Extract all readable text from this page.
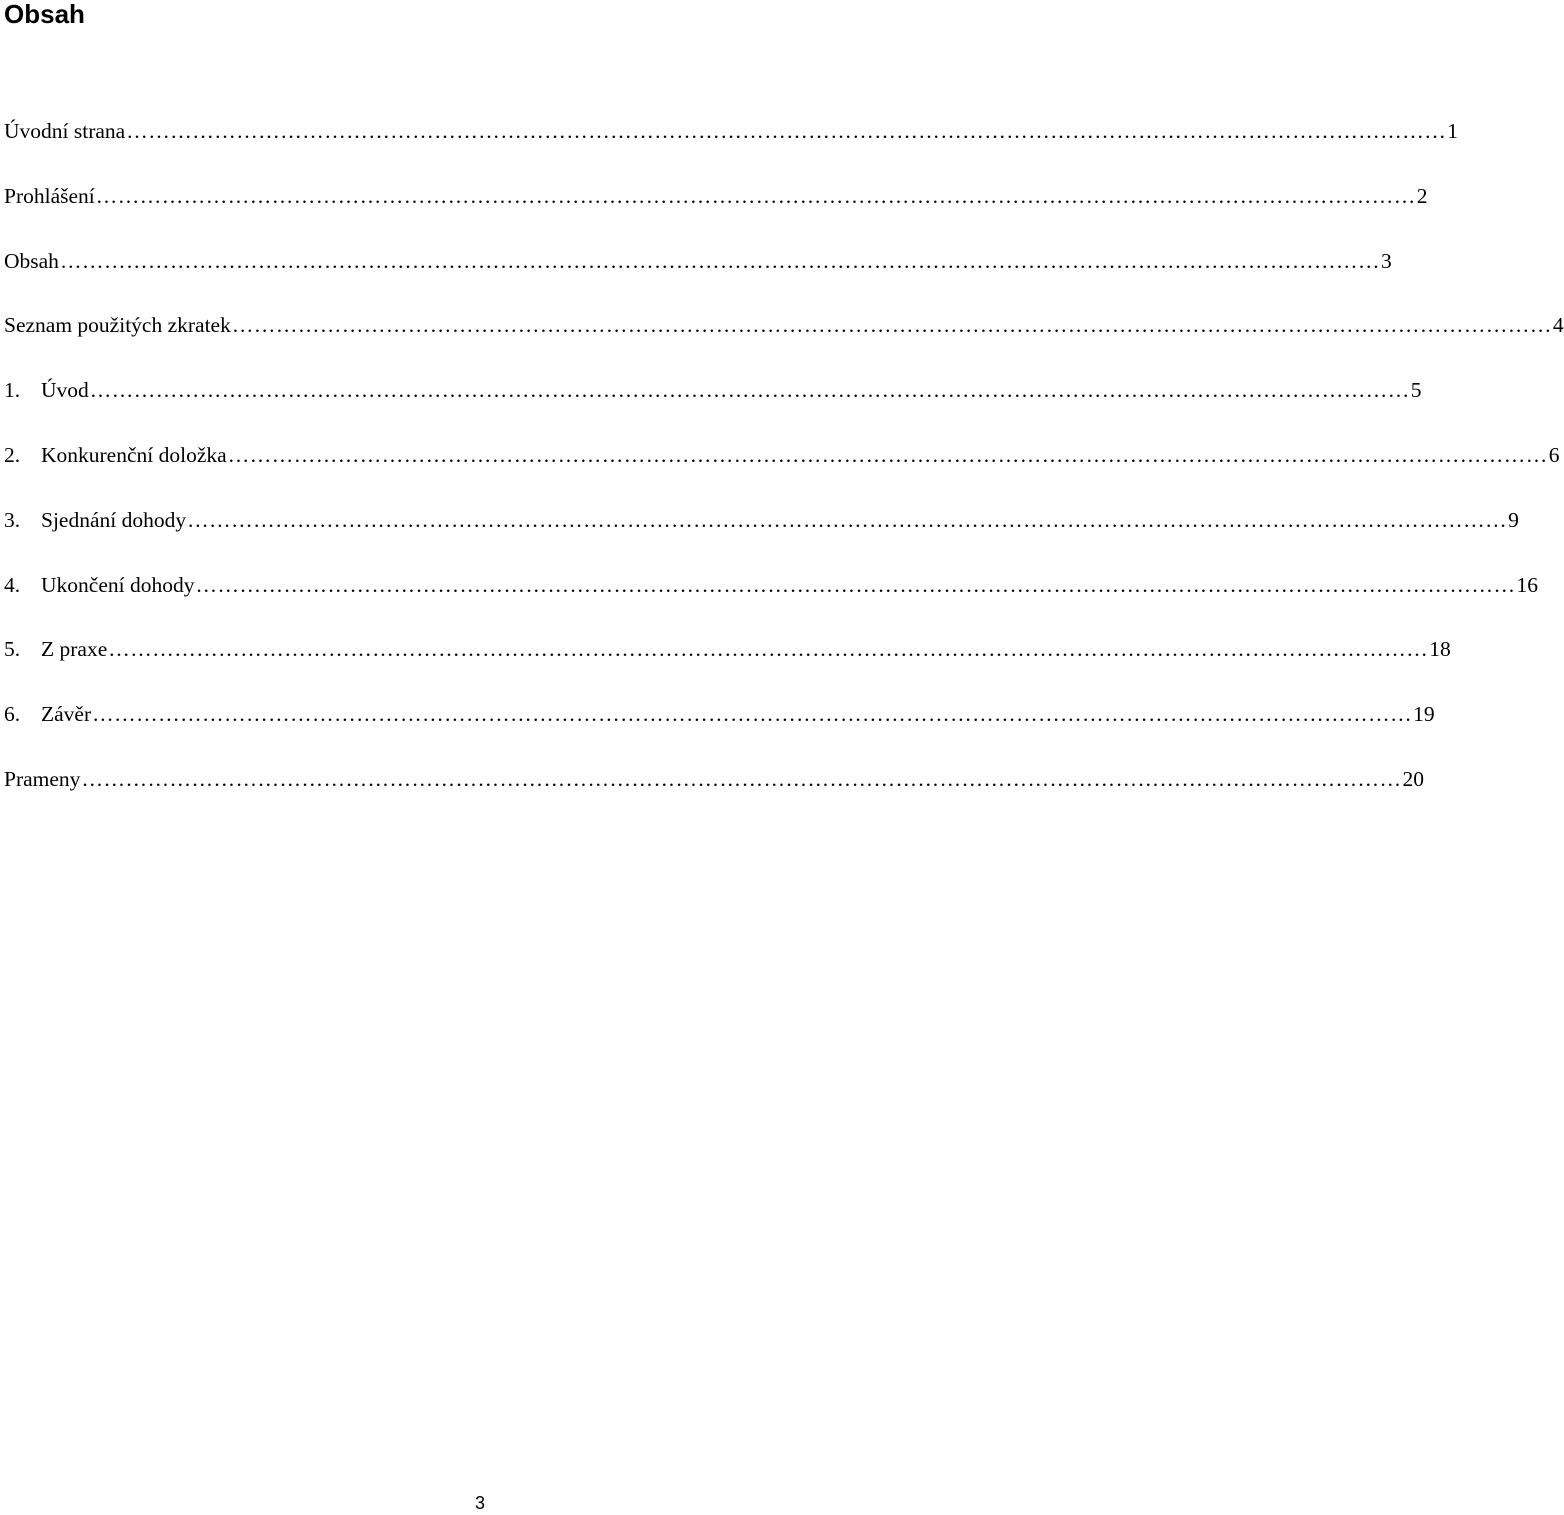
Obsah
Úvodní strana ……………………………………………………………………………………………………………………………………………………………… 1
Prohlášení ……………………………………………………………………………………………………………………………………………………………… 2
Obsah ……………………………………………………………………………………………………………………………………………………………… 3
Seznam použitých zkratek ……………………………………………………………………………………………………………………………………………………………… 4
1. Úvod ……………………………………………………………………………………………………………………………………………………………… 5
2. Konkurenční doložka ……………………………………………………………………………………………………………………………………………………………… 6
3. Sjednání dohody ……………………………………………………………………………………………………………………………………………………………… 9
4. Ukončení dohody ……………………………………………………………………………………………………………………………………………………………… 16
5. Z praxe ……………………………………………………………………………………………………………………………………………………………… 18
6. Závěr ……………………………………………………………………………………………………………………………………………………………… 19
Prameny ……………………………………………………………………………………………………………………………………………………………… 20
3
